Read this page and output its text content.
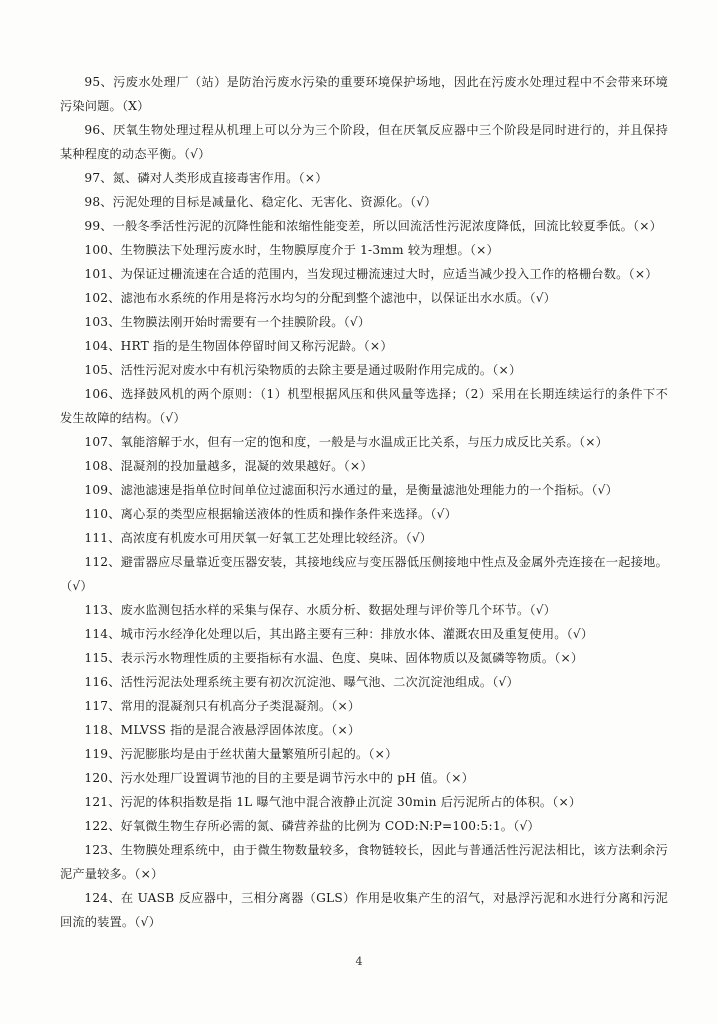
95、污废水处理厂（站）是防治污废水污染的重要环境保护场地，因此在污废水处理过程中不会带来环境污染问题。（X）

96、厌氧生物处理过程从机理上可以分为三个阶段，但在厌氧反应器中三个阶段是同时进行的，并且保持某种程度的动态平衡。（√）

97、氮、磷对人类形成直接毒害作用。（×）

98、污泥处理的目标是减量化、稳定化、无害化、资源化。（√）

99、一般冬季活性污泥的沉降性能和浓缩性能变差，所以回流活性污泥浓度降低，回流比较夏季低。（×）

100、生物膜法下处理污废水时，生物膜厚度介于 1-3mm 较为理想。（×）

101、为保证过栅流速在合适的范围内，当发现过栅流速过大时，应适当减少投入工作的格栅台数。（×）

102、滤池布水系统的作用是将污水均匀的分配到整个滤池中，以保证出水水质。（√）

103、生物膜法刚开始时需要有一个挂膜阶段。（√）

104、HRT 指的是生物固体停留时间又称污泥龄。（×）

105、活性污泥对废水中有机污染物质的去除主要是通过吸附作用完成的。（×）

106、选择鼓风机的两个原则：（1）机型根据风压和供风量等选择；（2）采用在长期连续运行的条件下不发生故障的结构。（√）

107、氧能溶解于水，但有一定的饱和度，一般是与水温成正比关系，与压力成反比关系。（×）

108、混凝剂的投加量越多，混凝的效果越好。（×）

109、滤池滤速是指单位时间单位过滤面积污水通过的量，是衡量滤池处理能力的一个指标。（√）

110、离心泵的类型应根据输送液体的性质和操作条件来选择。（√）

111、高浓度有机废水可用厌氧一好氧工艺处理比较经济。（√）

112、避雷器应尽量靠近变压器安装，其接地线应与变压器低压侧接地中性点及金属外壳连接在一起接地。（√）

113、废水监测包括水样的采集与保存、水质分析、数据处理与评价等几个环节。（√）

114、城市污水经净化处理以后，其出路主要有三种：排放水体、灌溉农田及重复使用。（√）

115、表示污水物理性质的主要指标有水温、色度、臭味、固体物质以及氮磷等物质。（×）

116、活性污泥法处理系统主要有初次沉淀池、曝气池、二次沉淀池组成。（√）

117、常用的混凝剂只有机高分子类混凝剂。（×）

118、MLVSS 指的是混合液悬浮固体浓度。（×）

119、污泥膨胀均是由于丝状菌大量繁殖所引起的。（×）

120、污水处理厂设置调节池的目的主要是调节污水中的 pH 值。（×）

121、污泥的体积指数是指 1L 曝气池中混合液静止沉淀 30min 后污泥所占的体积。（×）

122、好氧微生物生存所必需的氮、磷营养盐的比例为 COD:N:P=100:5:1。（√）

123、生物膜处理系统中，由于微生物数量较多，食物链较长，因此与普通活性污泥法相比，该方法剩余污泥产量较多。（×）

124、在 UASB 反应器中，三相分离器（GLS）作用是收集产生的沼气，对悬浮污泥和水进行分离和污泥回流的装置。（√）

4
